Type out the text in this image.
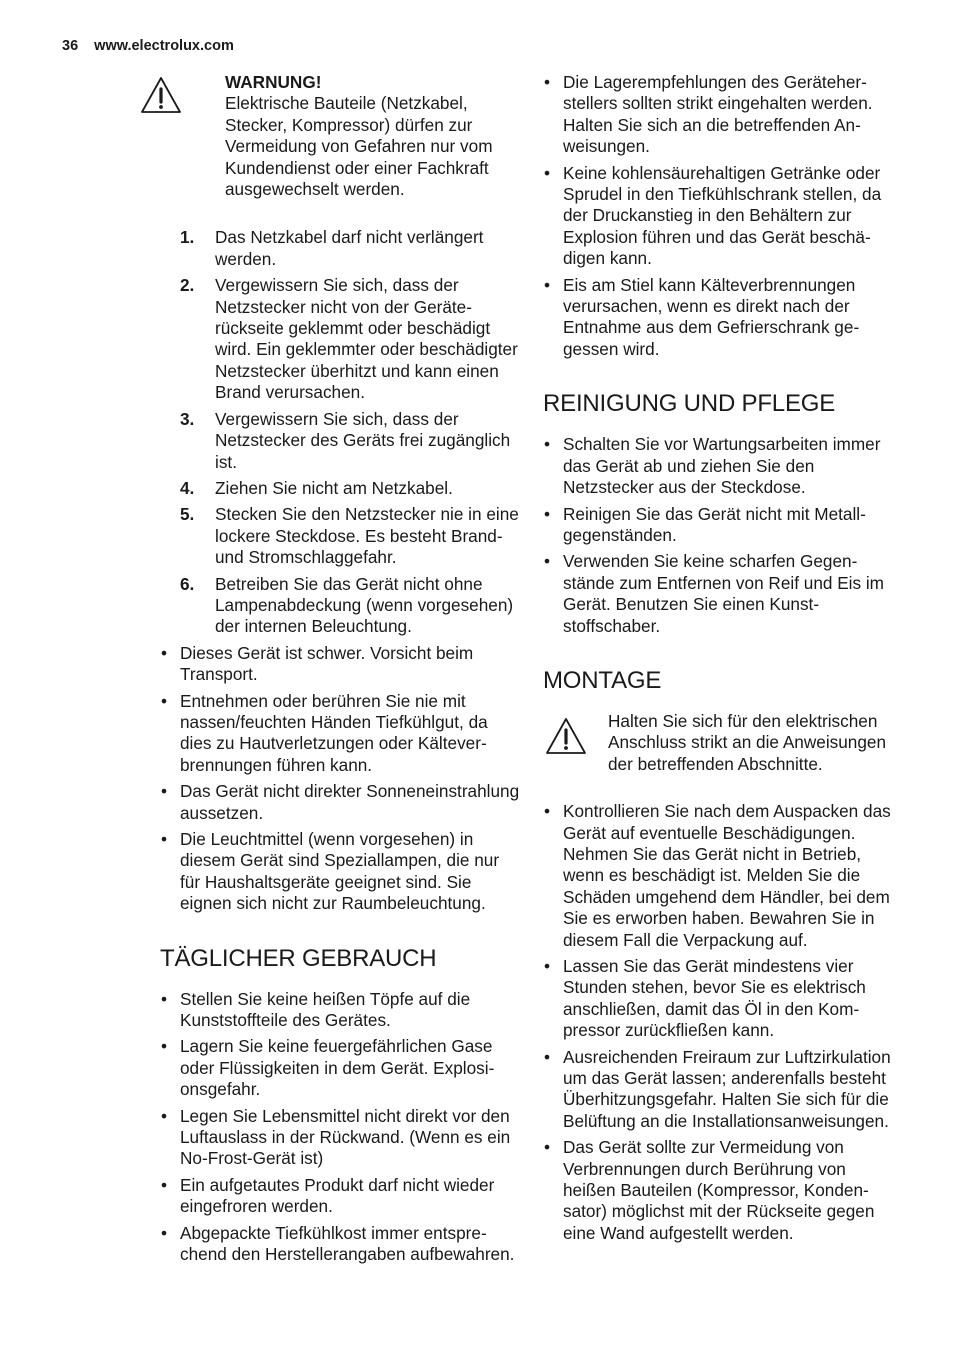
36 www.electrolux.com
WARNUNG!
Elektrische Bauteile (Netzkabel, Stecker, Kompressor) dürfen zur Vermeidung von Gefahren nur vom Kundendienst oder einer Fachkraft ausgewechselt werden.
1. Das Netzkabel darf nicht verlängert werden.
2. Vergewissern Sie sich, dass der Netzstecker nicht von der Geräterückseite geklemmt oder beschädigt wird. Ein geklemmter oder beschädigter Netzstecker überhitzt und kann einen Brand verursachen.
3. Vergewissern Sie sich, dass der Netzstecker des Geräts frei zugänglich ist.
4. Ziehen Sie nicht am Netzkabel.
5. Stecken Sie den Netzstecker nie in eine lockere Steckdose. Es besteht Brand- und Stromschlaggefahr.
6. Betreiben Sie das Gerät nicht ohne Lampenabdeckung (wenn vorgesehen) der internen Beleuchtung.
• Dieses Gerät ist schwer. Vorsicht beim Transport.
• Entnehmen oder berühren Sie nie mit nassen/feuchten Händen Tiefkühlgut, da dies zu Hautverletzungen oder Kälteverbrennungen führen kann.
• Das Gerät nicht direkter Sonneneinstrahlung aussetzen.
• Die Leuchtmittel (wenn vorgesehen) in diesem Gerät sind Speziallampen, die nur für Haushaltsgeräte geeignet sind. Sie eignen sich nicht zur Raumbeleuchtung.
TÄGLICHER GEBRAUCH
• Stellen Sie keine heißen Töpfe auf die Kunststoffteile des Gerätes.
• Lagern Sie keine feuergefährlichen Gase oder Flüssigkeiten in dem Gerät. Explosionsgefahr.
• Legen Sie Lebensmittel nicht direkt vor den Luftauslass in der Rückwand. (Wenn es ein No-Frost-Gerät ist)
• Ein aufgetautes Produkt darf nicht wieder eingefroren werden.
• Abgepackte Tiefkühlkost immer entsprechend den Herstellerangaben aufbewahren.
• Die Lagerempfehlungen des Geräteherstellers sollten strikt eingehalten werden. Halten Sie sich an die betreffenden Anweisungen.
• Keine kohlensäurehaltigen Getränke oder Sprudel in den Tiefkühlschrank stellen, da der Druckanstieg in den Behältern zur Explosion führen und das Gerät beschädigen kann.
• Eis am Stiel kann Kälteverbrennungen verursachen, wenn es direkt nach der Entnahme aus dem Gefrierschrank gegessen wird.
REINIGUNG UND PFLEGE
• Schalten Sie vor Wartungsarbeiten immer das Gerät ab und ziehen Sie den Netzstecker aus der Steckdose.
• Reinigen Sie das Gerät nicht mit Metallgegenständen.
• Verwenden Sie keine scharfen Gegenstände zum Entfernen von Reif und Eis im Gerät. Benutzen Sie einen Kunststoffschaber.
MONTAGE
Halten Sie sich für den elektrischen Anschluss strikt an die Anweisungen der betreffenden Abschnitte.
• Kontrollieren Sie nach dem Auspacken das Gerät auf eventuelle Beschädigungen. Nehmen Sie das Gerät nicht in Betrieb, wenn es beschädigt ist. Melden Sie die Schäden umgehend dem Händler, bei dem Sie es erworben haben. Bewahren Sie in diesem Fall die Verpackung auf.
• Lassen Sie das Gerät mindestens vier Stunden stehen, bevor Sie es elektrisch anschließen, damit das Öl in den Kompressor zurückfließen kann.
• Ausreichenden Freiraum zur Luftzirkulation um das Gerät lassen; anderenfalls besteht Überhitzungsgefahr. Halten Sie sich für die Belüftung an die Installationsanweisungen.
• Das Gerät sollte zur Vermeidung von Verbrennungen durch Berührung von heißen Bauteilen (Kompressor, Kondensator) möglichst mit der Rückseite gegen eine Wand aufgestellt werden.
